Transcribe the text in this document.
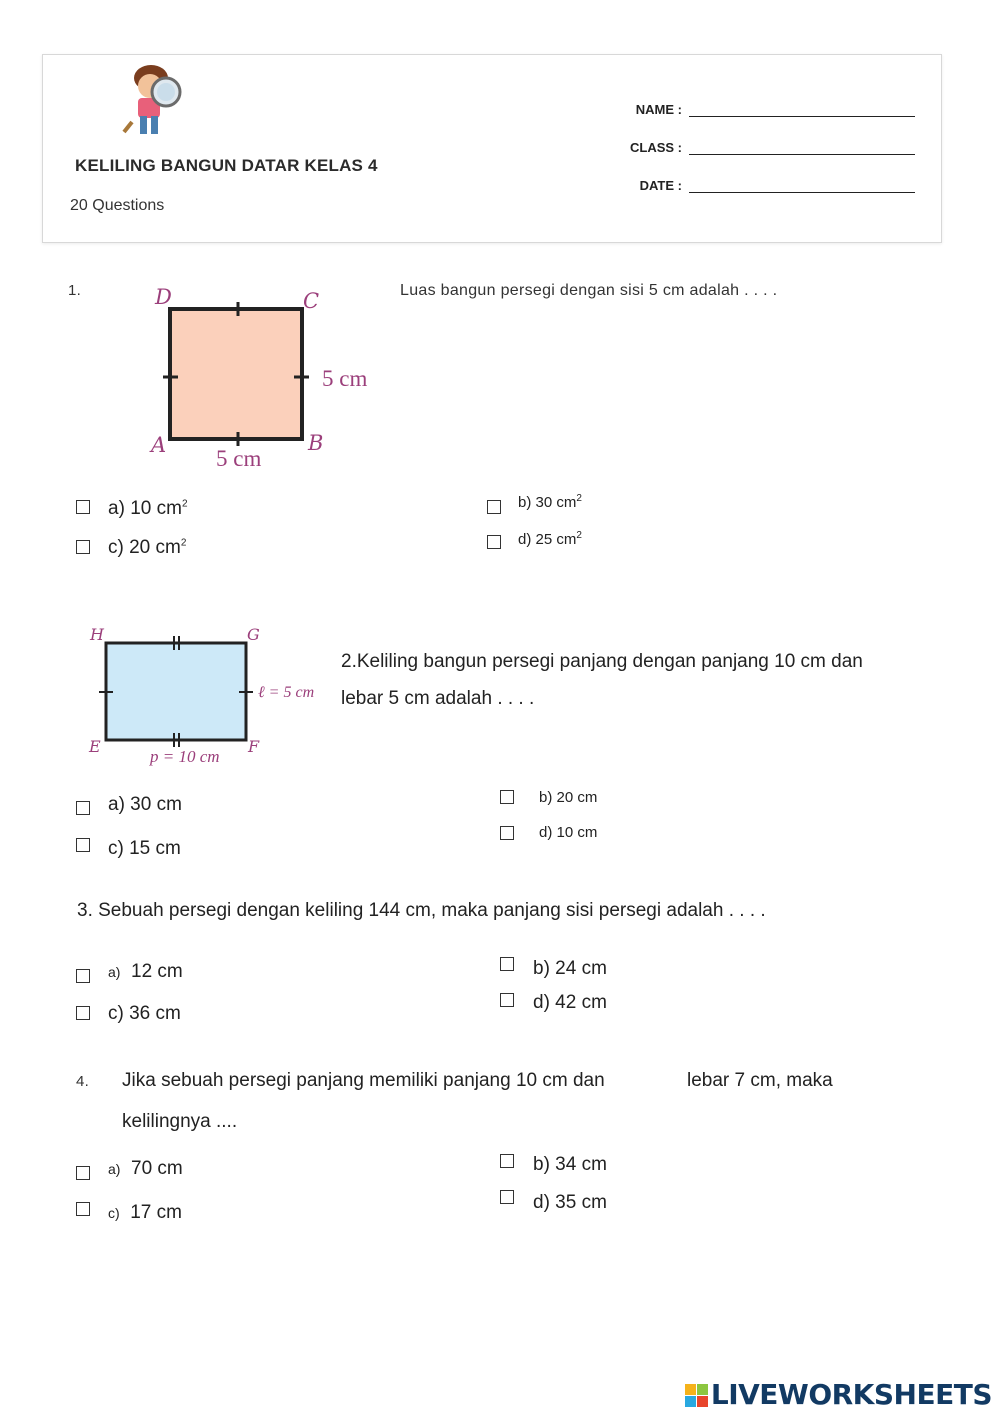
KELILING BANGUN DATAR KELAS 4
20 Questions
NAME :
CLASS :
DATE :
1.	D	C
A	B
5 cm
5 cm
Luas bangun persegi dengan sisi 5 cm adalah . . . .
a) 10 $cm^2$	b) 30 $cm^2$
c) 20 $cm^2$	d) 25 $cm^2$
H	G
E	F
ℓ = 5 cm
p = 10 cm
2.Keliling bangun persegi panjang dengan panjang 10 cm dan
lebar 5 cm adalah . . . .
a) 30 cm	b) 20 cm
c) 15 cm
d) 10 cm
3. Sebuah persegi dengan keliling 144 cm, maka panjang sisi persegi adalah . . . .
a) 12 cm	b) 24 cm
c) 36 cm
d) 42 cm
4. Jika sebuah persegi panjang memiliki panjang 10 cm dan	lebar 7 cm, maka
kelilingnya ....
a) 70 cm	b) 34 cm
c) 17 cm	d) 35 cm
LIVEWORKSHEETS
